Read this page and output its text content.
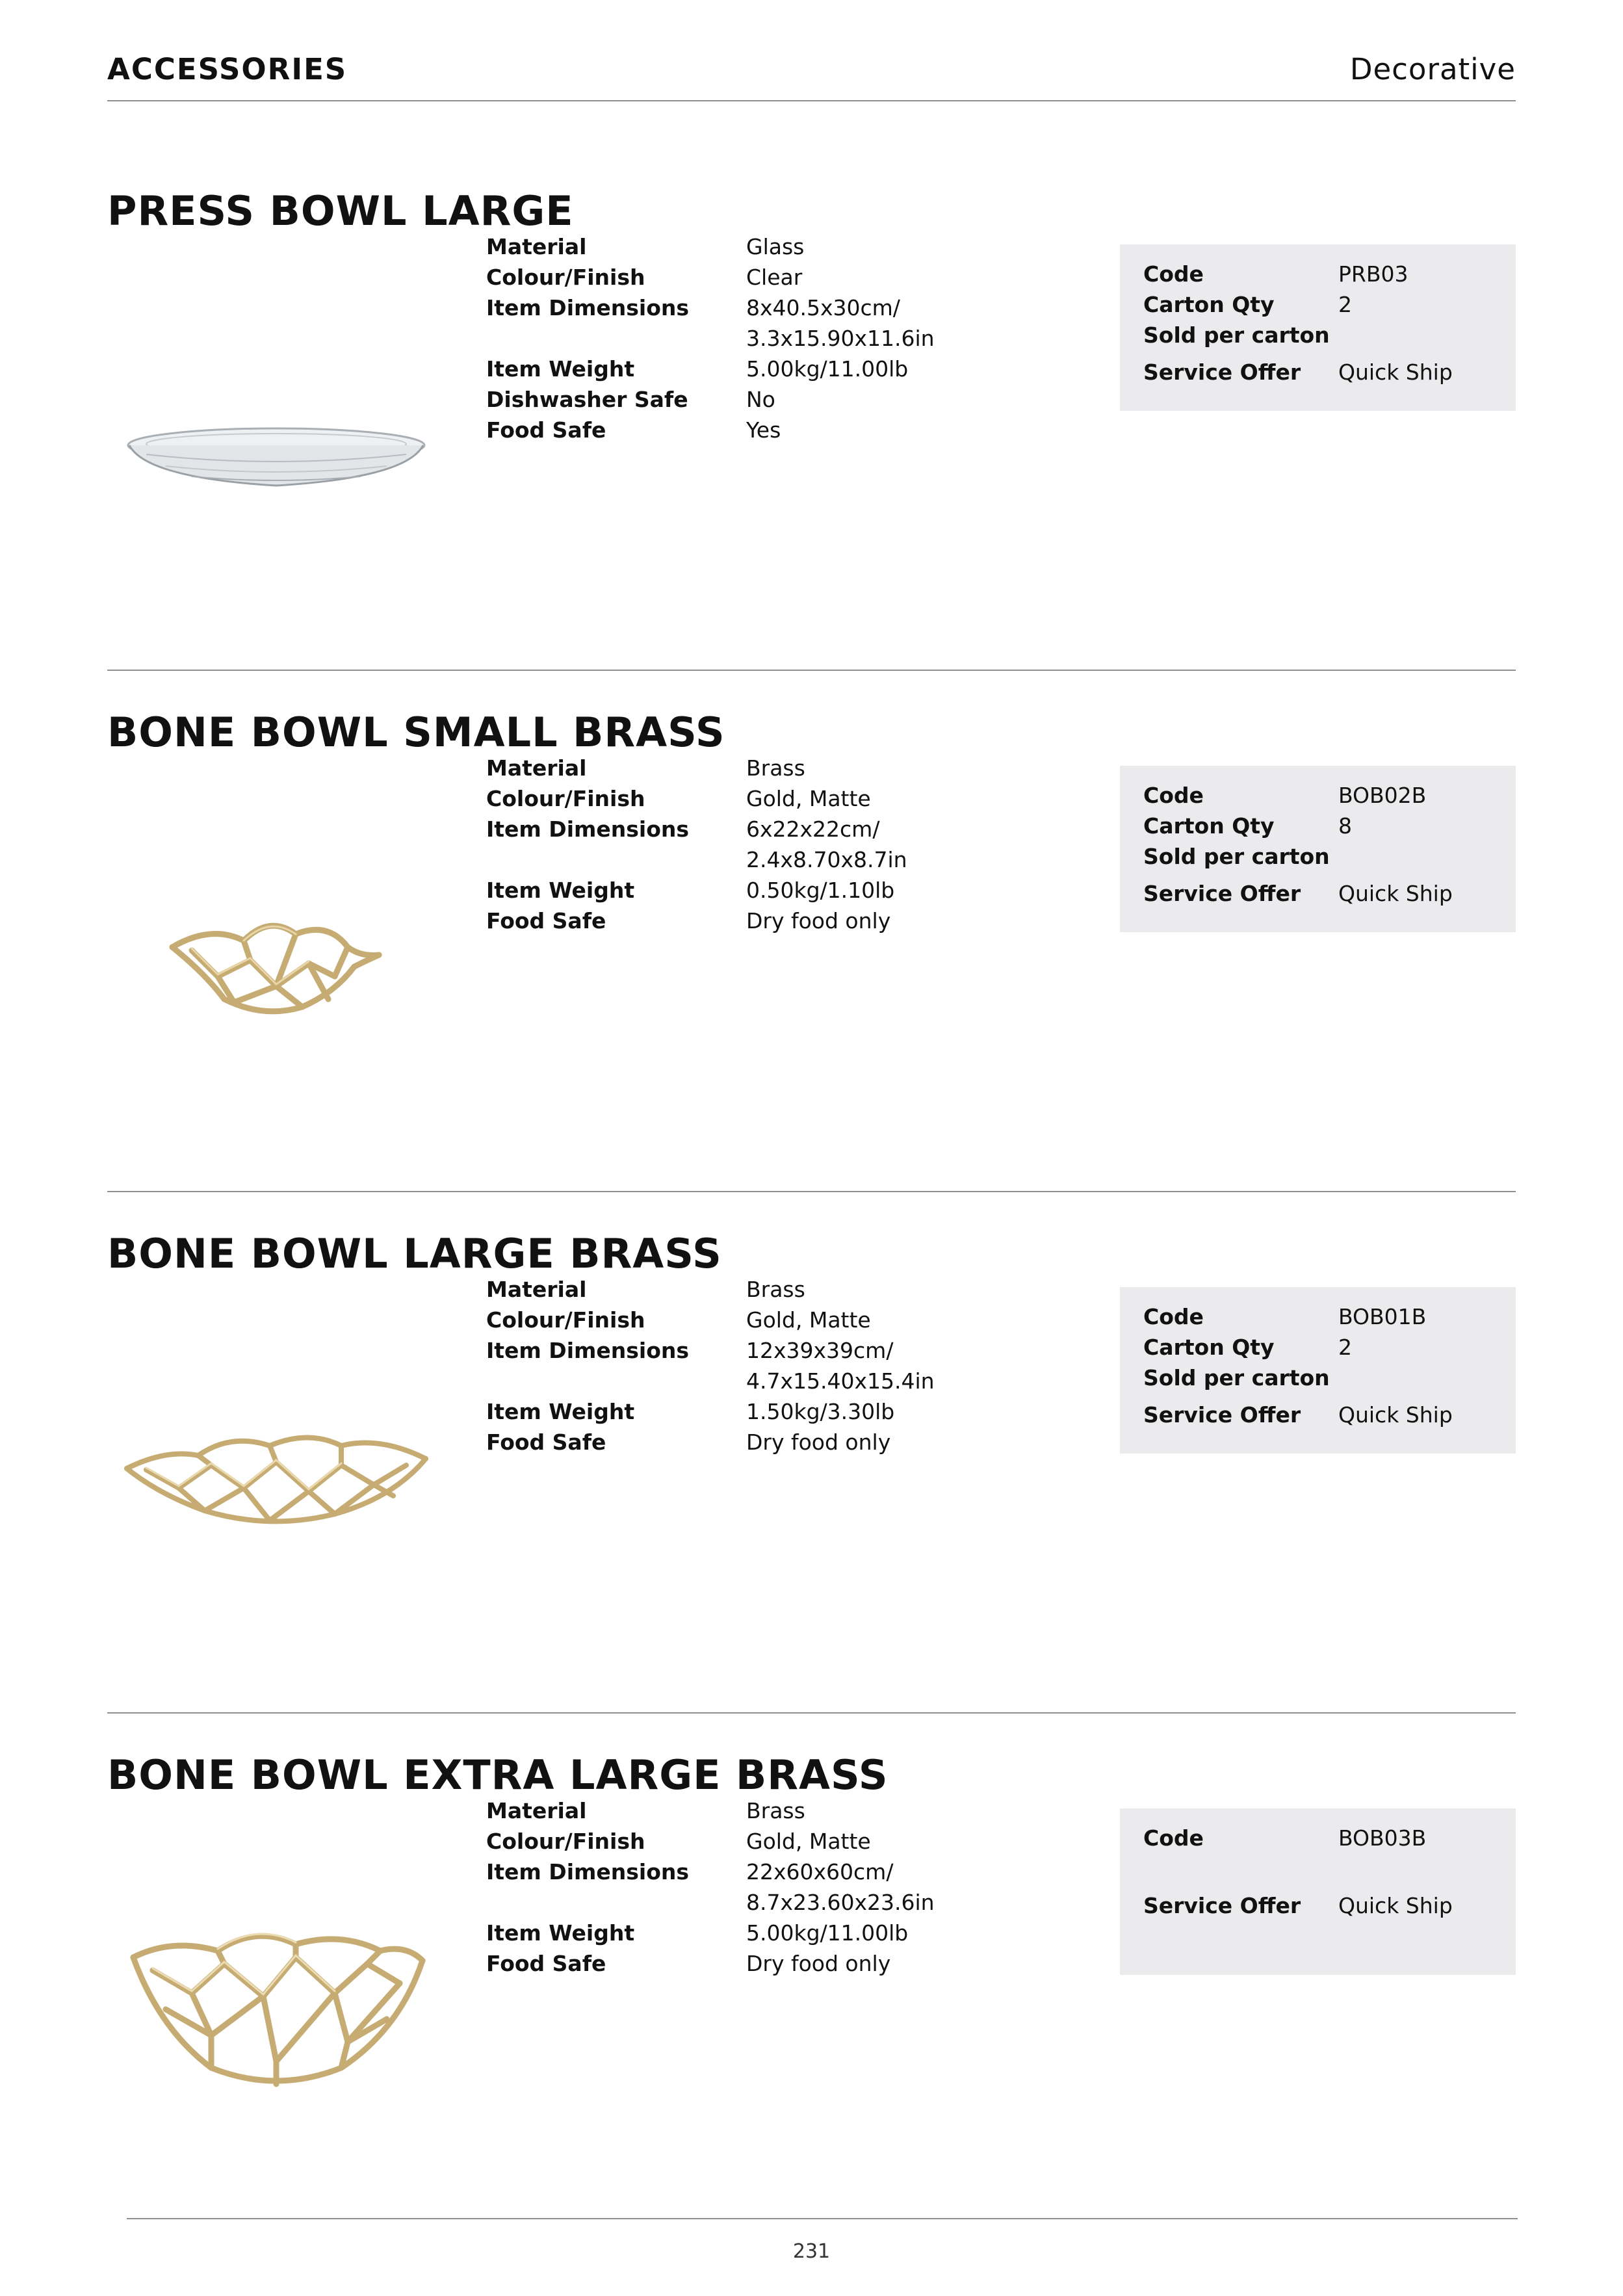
ACCESSORIES	Decorative
PRESS BOWL LARGE
Material	Glass
Colour/Finish	Clear
Item Dimensions	8x40.5x30cm/
3.3x15.90x11.6in
Item Weight	5.00kg/11.00lb
Dishwasher Safe	No
Food Safe	Yes
Code	PRB03
Carton Qty	2
Sold per carton
Service Offer	Quick Ship
BONE BOWL SMALL BRASS
Material	Brass
Colour/Finish	Gold, Matte
Item Dimensions	6x22x22cm/
2.4x8.70x8.7in
Item Weight	0.50kg/1.10lb
Food Safe	Dry food only
Code	BOB02B
Carton Qty	8
Sold per carton
Service Offer	Quick Ship
BONE BOWL LARGE BRASS
Material	Brass
Colour/Finish	Gold, Matte
Item Dimensions	12x39x39cm/
4.7x15.40x15.4in
Item Weight	1.50kg/3.30lb
Food Safe	Dry food only
Code	BOB01B
Carton Qty	2
Sold per carton
Service Offer	Quick Ship
BONE BOWL EXTRA LARGE BRASS
Material	Brass
Colour/Finish	Gold, Matte
Item Dimensions	22x60x60cm/
8.7x23.60x23.6in
Item Weight	5.00kg/11.00lb
Food Safe	Dry food only
Code	BOB03B
Service Offer	Quick Ship
231
